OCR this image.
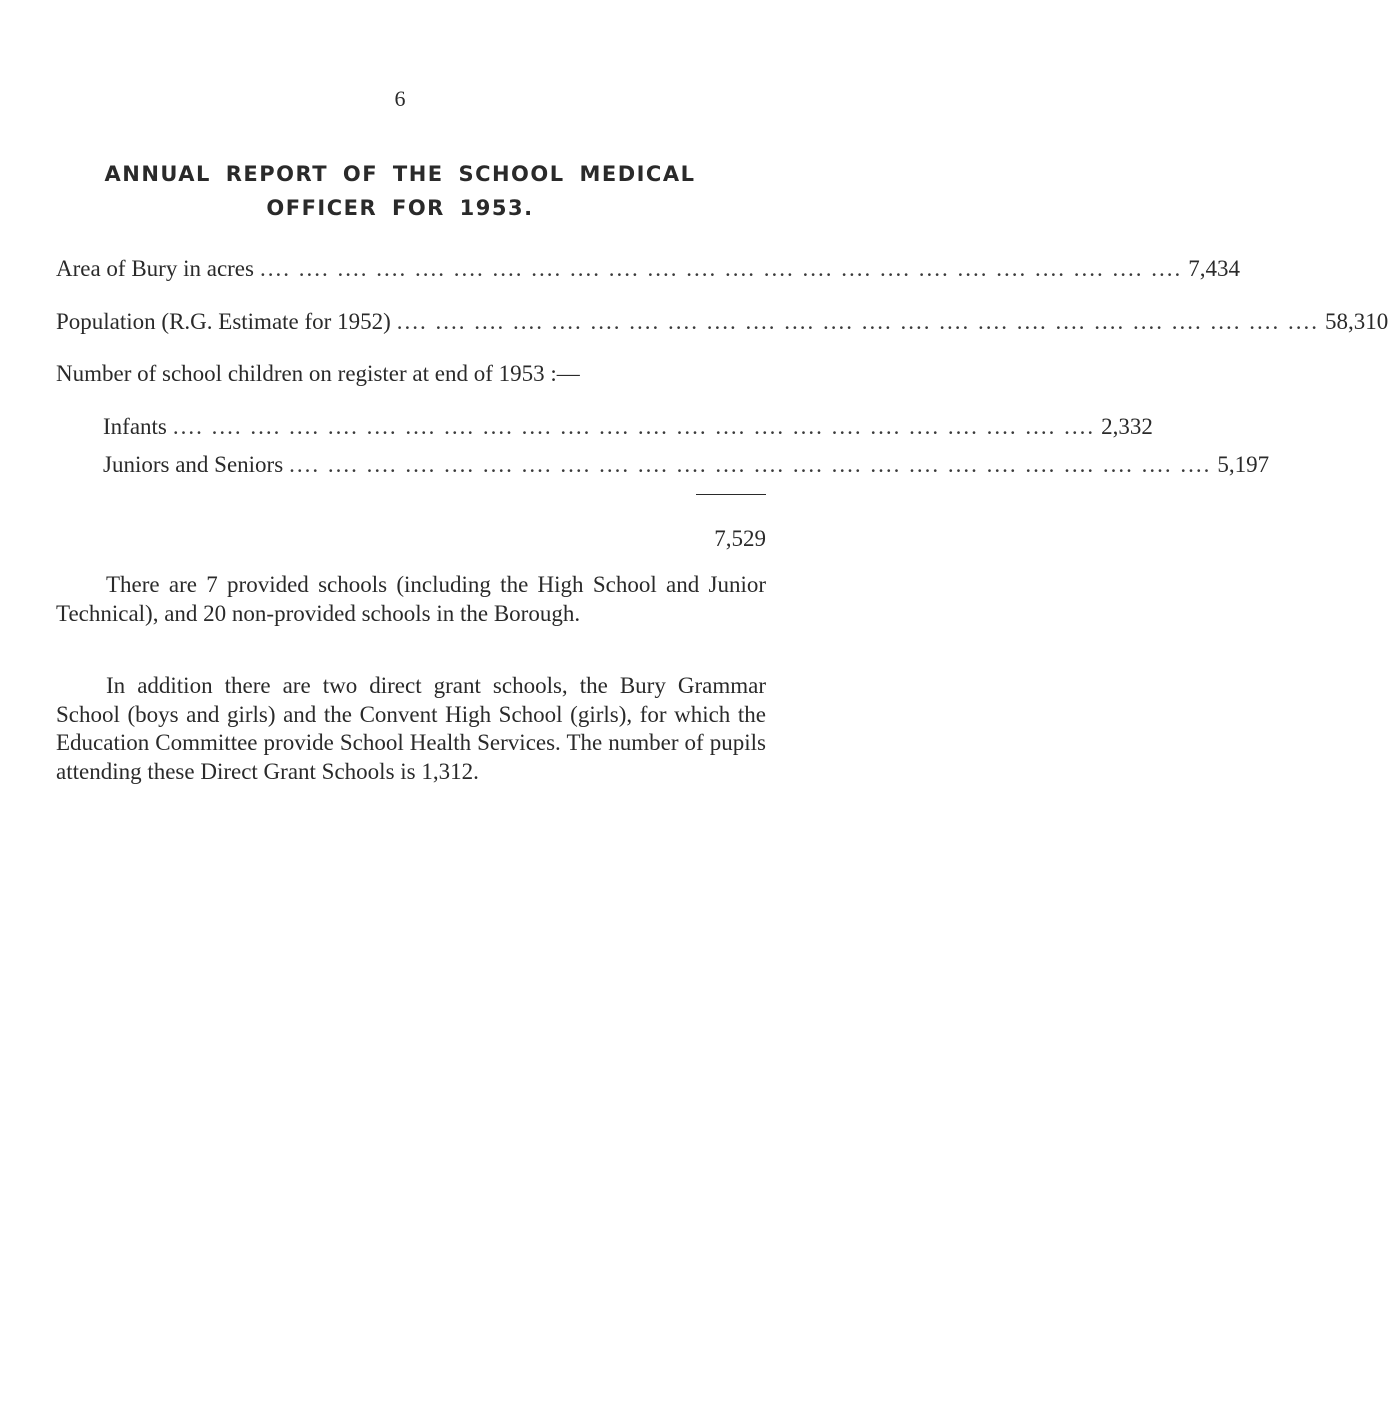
6
ANNUAL REPORT OF THE SCHOOL MEDICAL
OFFICER FOR 1953.
Area of Bury in acres .... .... .... .... .... .... .... .... .... .... .... .... .... .... .... .... .... .... .... .... .... .... .... .... 7,434
Population (R.G. Estimate for 1952) .... .... .... .... .... .... .... .... .... .... .... .... .... .... .... .... .... .... .... .... .... .... .... .... 58,310
Number of school children on register at end of 1953 :—
Infants .... .... .... .... .... .... .... .... .... .... .... .... .... .... .... .... .... .... .... .... .... .... .... .... 2,332
Juniors and Seniors .... .... .... .... .... .... .... .... .... .... .... .... .... .... .... .... .... .... .... .... .... .... .... .... 5,197
7,529

There are 7 provided schools (including the High School and Junior Technical), and 20 non-provided schools in the Borough.

In addition there are two direct grant schools, the Bury Grammar School (boys and girls) and the Convent High School (girls), for which the Education Committee provide School Health Services. The number of pupils attending these Direct Grant Schools is 1,312.
